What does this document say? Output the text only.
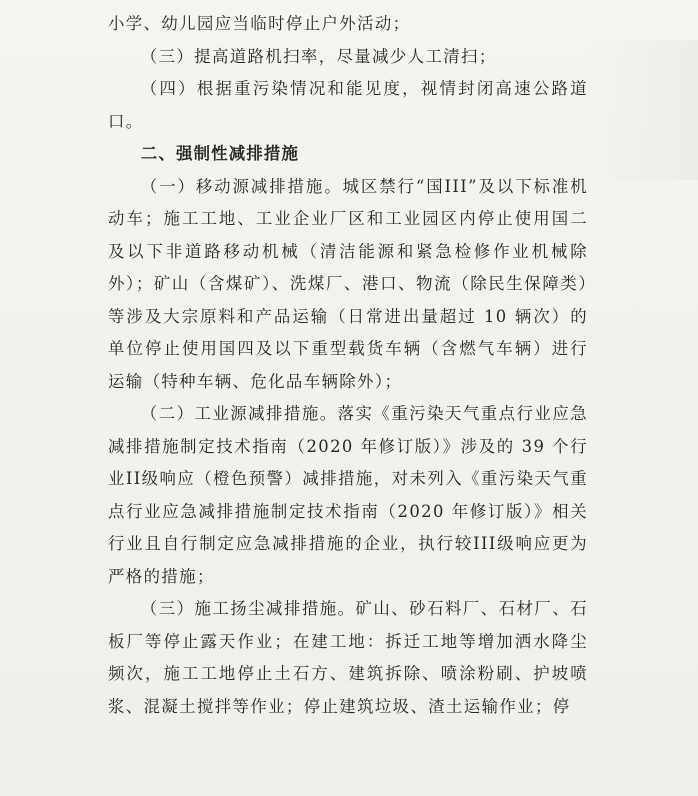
小学、幼儿园应当临时停止户外活动；

（三）提高道路机扫率，尽量减少人工清扫；

（四）根据重污染情况和能见度，视情封闭高速公路道口。

二、强制性减排措施

（一）移动源减排措施。城区禁行“国III”及以下标准机动车；施工工地、工业企业厂区和工业园区内停止使用国二及以下非道路移动机械（清洁能源和紧急检修作业机械除外）；矿山（含煤矿）、洗煤厂、港口、物流（除民生保障类）等涉及大宗原料和产品运输（日常进出量超过 10 辆次）的单位停止使用国四及以下重型载货车辆（含燃气车辆）进行运输（特种车辆、危化品车辆除外）；

（二）工业源减排措施。落实《重污染天气重点行业应急减排措施制定技术指南（2020 年修订版）》涉及的 39 个行业II级响应（橙色预警）减排措施，对未列入《重污染天气重点行业应急减排措施制定技术指南（2020 年修订版）》相关行业且自行制定应急减排措施的企业，执行较III级响应更为严格的措施；

（三）施工扬尘减排措施。矿山、砂石料厂、石材厂、石板厂等停止露天作业；在建工地：拆迁工地等增加洒水降尘频次，施工工地停止土石方、建筑拆除、喷涂粉刷、护坡喷浆、混凝土搅拌等作业；停止建筑垃圾、渣土运输作业；停
